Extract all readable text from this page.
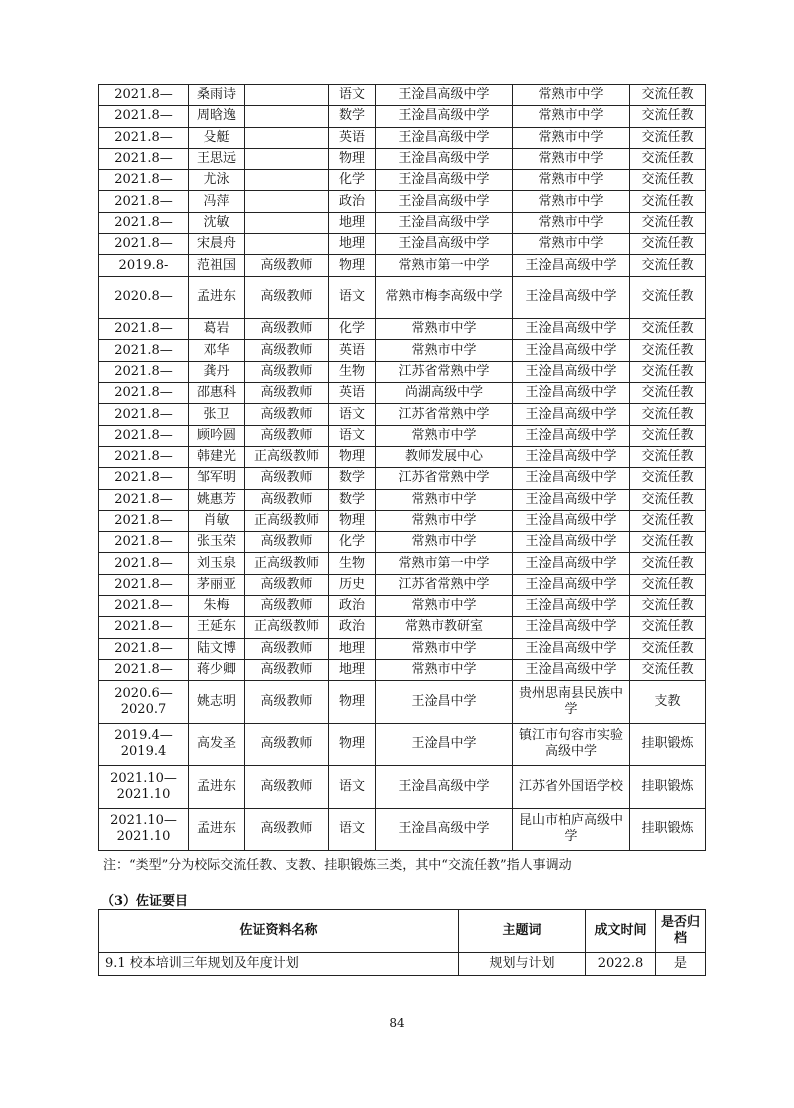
2021.8—	桑雨诗		语文	王淦昌高级中学	常熟市中学	交流任教
2021.8—	周晗逸		数学	王淦昌高级中学	常熟市中学	交流任教
2021.8—	殳艇		英语	王淦昌高级中学	常熟市中学	交流任教
2021.8—	王思远		物理	王淦昌高级中学	常熟市中学	交流任教
2021.8—	尤泳		化学	王淦昌高级中学	常熟市中学	交流任教
2021.8—	冯萍		政治	王淦昌高级中学	常熟市中学	交流任教
2021.8—	沈敏		地理	王淦昌高级中学	常熟市中学	交流任教
2021.8—	宋晨舟		地理	王淦昌高级中学	常熟市中学	交流任教
2019.8-	范祖国	高级教师	物理	常熟市第一中学	王淦昌高级中学	交流任教
2020.8—	孟进东	高级教师	语文	常熟市梅李高级中学	王淦昌高级中学	交流任教
2021.8—	葛岩	高级教师	化学	常熟市中学	王淦昌高级中学	交流任教
2021.8—	邓华	高级教师	英语	常熟市中学	王淦昌高级中学	交流任教
2021.8—	龚丹	高级教师	生物	江苏省常熟中学	王淦昌高级中学	交流任教
2021.8—	邵惠科	高级教师	英语	尚湖高级中学	王淦昌高级中学	交流任教
2021.8—	张卫	高级教师	语文	江苏省常熟中学	王淦昌高级中学	交流任教
2021.8—	顾吟圆	高级教师	语文	常熟市中学	王淦昌高级中学	交流任教
2021.8—	韩建光	正高级教师	物理	教师发展中心	王淦昌高级中学	交流任教
2021.8—	邹军明	高级教师	数学	江苏省常熟中学	王淦昌高级中学	交流任教
2021.8—	姚惠芳	高级教师	数学	常熟市中学	王淦昌高级中学	交流任教
2021.8—	肖敏	正高级教师	物理	常熟市中学	王淦昌高级中学	交流任教
2021.8—	张玉荣	高级教师	化学	常熟市中学	王淦昌高级中学	交流任教
2021.8—	刘玉泉	正高级教师	生物	常熟市第一中学	王淦昌高级中学	交流任教
2021.8—	茅丽亚	高级教师	历史	江苏省常熟中学	王淦昌高级中学	交流任教
2021.8—	朱梅	高级教师	政治	常熟市中学	王淦昌高级中学	交流任教
2021.8—	王延东	正高级教师	政治	常熟市教研室	王淦昌高级中学	交流任教
2021.8—	陆文博	高级教师	地理	常熟市中学	王淦昌高级中学	交流任教
2021.8—	蒋少卿	高级教师	地理	常熟市中学	王淦昌高级中学	交流任教
2020.6—2020.7	姚志明	高级教师	物理	王淦昌中学	贵州思南县民族中学	支教
2019.4—2019.4	高发圣	高级教师	物理	王淦昌中学	镇江市句容市实验高级中学	挂职锻炼
2021.10—2021.10	孟进东	高级教师	语文	王淦昌高级中学	江苏省外国语学校	挂职锻炼
2021.10—2021.10	孟进东	高级教师	语文	王淦昌高级中学	昆山市柏庐高级中学	挂职锻炼
注：“类型”分为校际交流任教、支教、挂职锻炼三类，其中“交流任教”指人事调动
（3）佐证要目
佐证资料名称	主题词	成文时间	是否归档
9.1 校本培训三年规划及年度计划	规划与计划	2022.8	是
84
